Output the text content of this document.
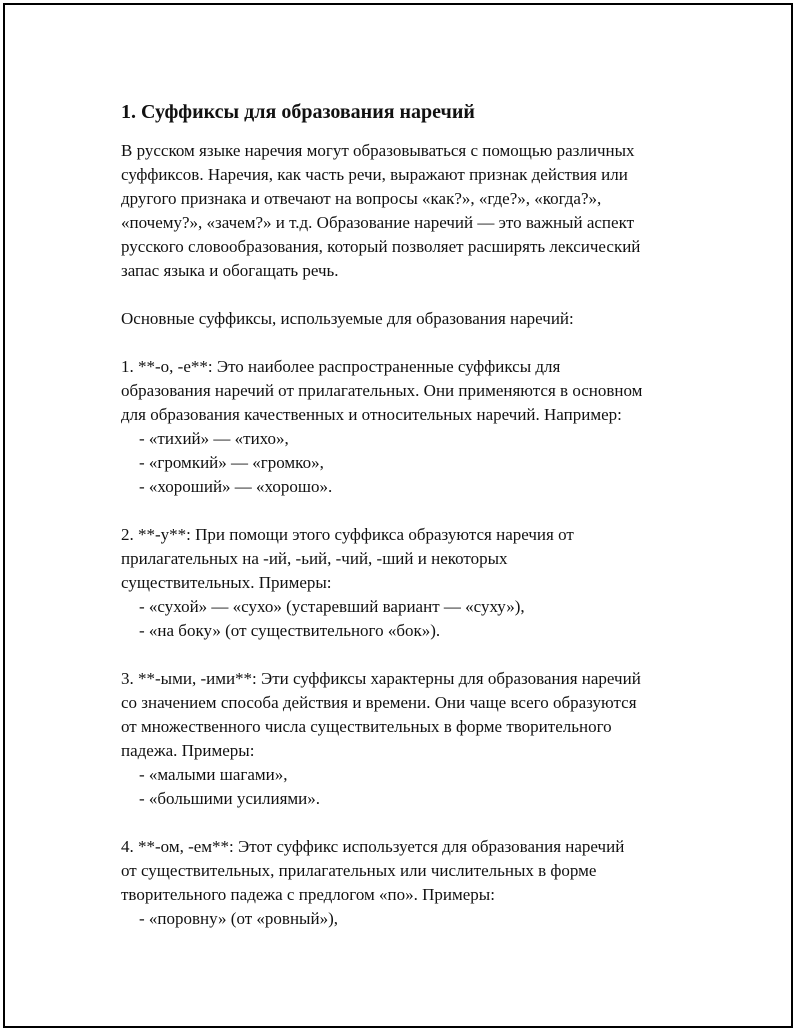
1. Суффиксы для образования наречий
В русском языке наречия могут образовываться с помощью различных
суффиксов. Наречия, как часть речи, выражают признак действия или
другого признака и отвечают на вопросы «как?», «где?», «когда?»,
«почему?», «зачем?» и т.д. Образование наречий — это важный аспект
русского словообразования, который позволяет расширять лексический
запас языка и обогащать речь.
Основные суффиксы, используемые для образования наречий:
1. **-о, -е**: Это наиболее распространенные суффиксы для
образования наречий от прилагательных. Они применяются в основном
для образования качественных и относительных наречий. Например:
- «тихий» — «тихо»,
- «громкий» — «громко»,
- «хороший» — «хорошо».
2. **-у**: При помощи этого суффикса образуются наречия от
прилагательных на -ий, -ьий, -чий, -ший и некоторых
существительных. Примеры:
- «сухой» — «сухо» (устаревший вариант — «суху»),
- «на боку» (от существительного «бок»).
3. **-ыми, -ими**: Эти суффиксы характерны для образования наречий
со значением способа действия и времени. Они чаще всего образуются
от множественного числа существительных в форме творительного
падежа. Примеры:
- «малыми шагами»,
- «большими усилиями».
4. **-ом, -ем**: Этот суффикс используется для образования наречий
от существительных, прилагательных или числительных в форме
творительного падежа с предлогом «по». Примеры:
- «поровну» (от «ровный»),
